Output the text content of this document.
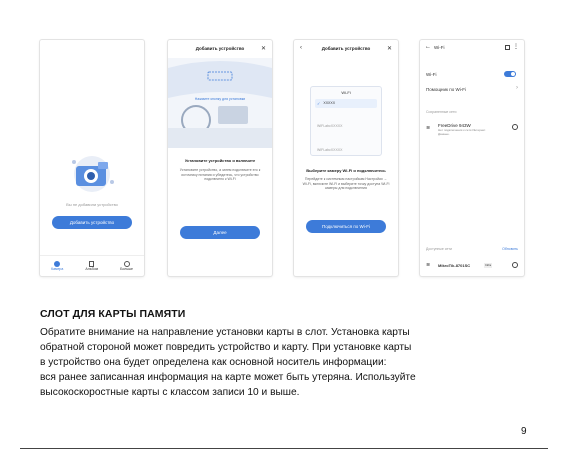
Вы не добавили устройство
Добавить устройство
Камера	Альбом	Больше
Добавить устройство	✕
Нажмите кнопку для установки
Установите устройство и включите
Установите устройство, а затем подключите его к источнику питания и убедитесь, что устройство подключено к Wi-Fi
Далее
‹	Добавить устройство	✕
Wi-Fi
✓ XXXXX
WiFi-abcXXXXX
WiFi-abcXXXXX
Выберите камеру Wi-Fi и подключитесь
Перейдите к системным настройкам Настройки → Wi-Fi, включите Wi-Fi и выберите точку доступа Wi-Fi камеры для подключения
Подключиться по Wi-Fi
← Wi-Fi	⋮
Wi-Fi
Помощник по Wi-Fi	›
Сохраненные сети
≋ FreeDrive 943W
Нет подключения к сети Интернет. Данные.
Доступные сети	Обновить
≋ MikroTik-8701SC	Infra
СЛОТ ДЛЯ КАРТЫ ПАМЯТИ
Обратите внимание на направление установки карты в слот. Установка карты
обратной стороной может повредить устройство и карту. При установке карты
в устройство она будет определена как основной носитель информации:
вся ранее записанная информация на карте может быть утеряна. Используйте
высокоскоростные карты с классом записи 10 и выше.
9
